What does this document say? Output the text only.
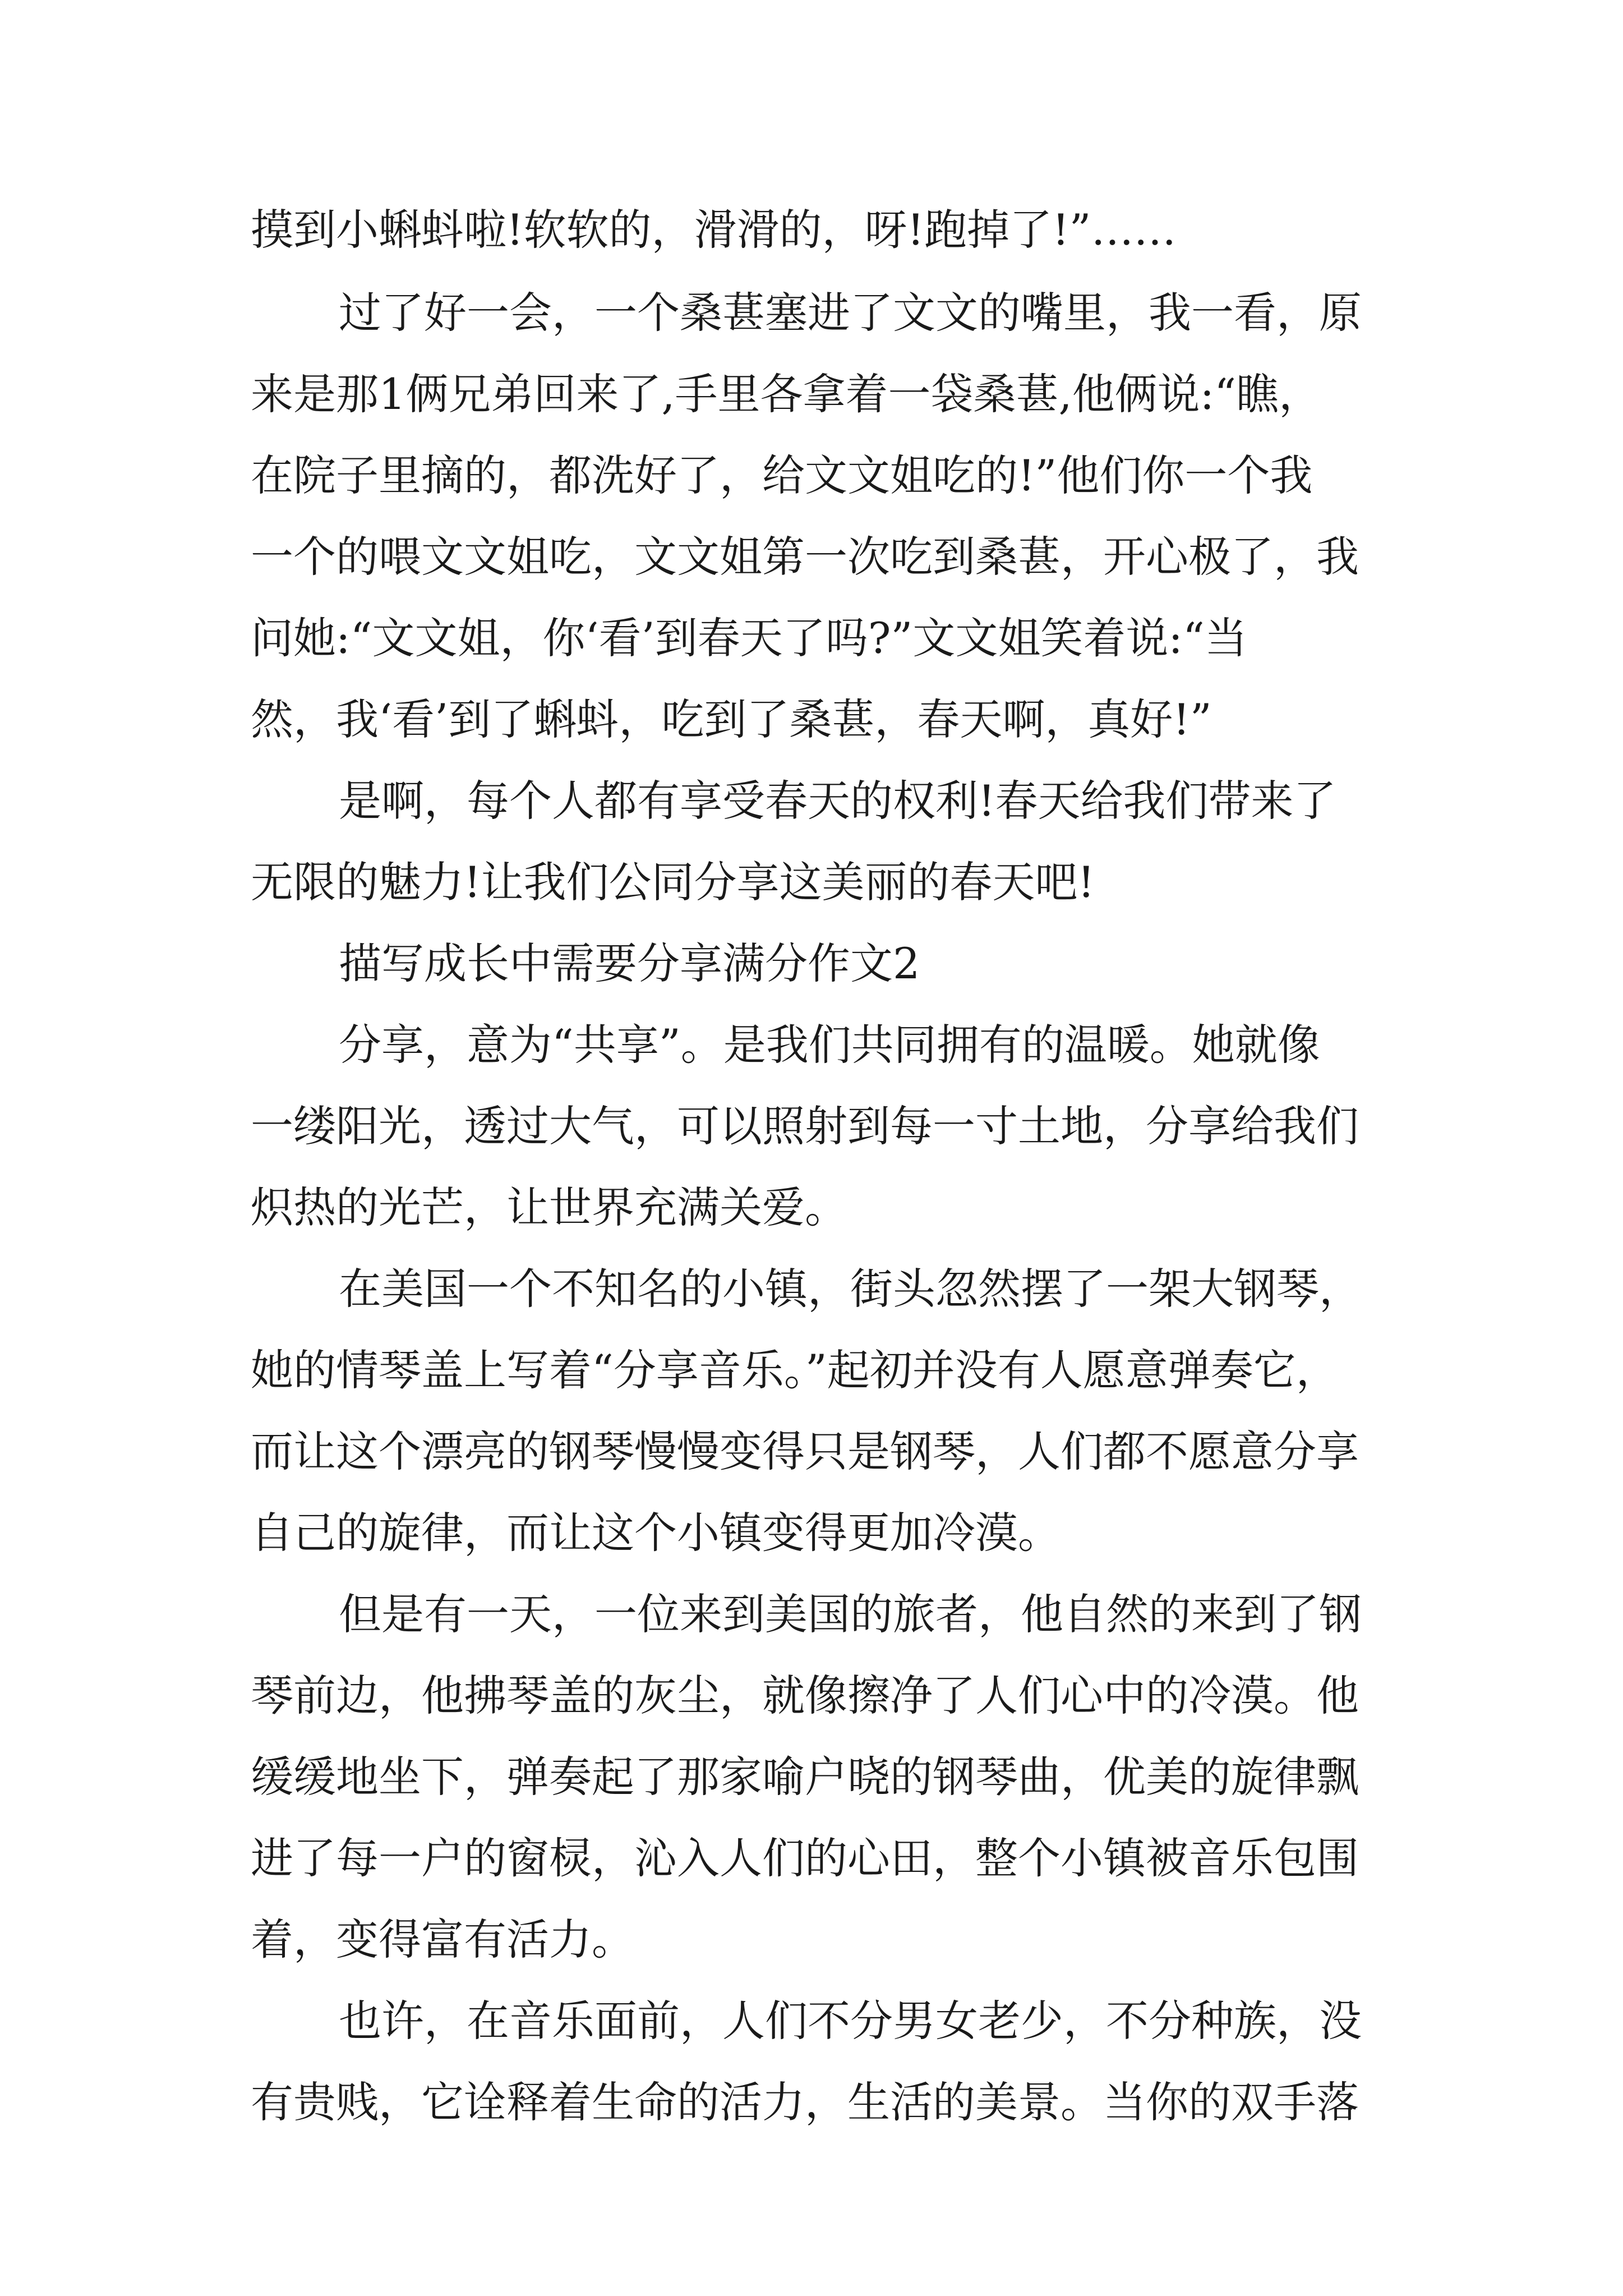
摸到小蝌蚪啦!软软的，滑滑的，呀!跑掉了!”……
过了好一会，一个桑葚塞进了文文的嘴里，我一看，原
来是那1俩兄弟回来了,手里各拿着一袋桑葚,他俩说:“瞧，
在院子里摘的，都洗好了，给文文姐吃的!”他们你一个我
一个的喂文文姐吃，文文姐第一次吃到桑葚，开心极了，我
问她:“文文姐，你‘看’到春天了吗?”文文姐笑着说:“当
然，我‘看’到了蝌蚪，吃到了桑葚，春天啊，真好!”
是啊，每个人都有享受春天的权利!春天给我们带来了
无限的魅力!让我们公同分享这美丽的春天吧!
描写成长中需要分享满分作文2
分享，意为“共享”。是我们共同拥有的温暖。她就像
一缕阳光，透过大气，可以照射到每一寸土地，分享给我们
炽热的光芒，让世界充满关爱。
在美国一个不知名的小镇，街头忽然摆了一架大钢琴，
她的情琴盖上写着“分享音乐。”起初并没有人愿意弹奏它，
而让这个漂亮的钢琴慢慢变得只是钢琴，人们都不愿意分享
自己的旋律，而让这个小镇变得更加冷漠。
但是有一天，一位来到美国的旅者，他自然的来到了钢
琴前边，他拂琴盖的灰尘，就像擦净了人们心中的冷漠。他
缓缓地坐下，弹奏起了那家喻户晓的钢琴曲，优美的旋律飘
进了每一户的窗棂，沁入人们的心田，整个小镇被音乐包围
着，变得富有活力。
也许，在音乐面前，人们不分男女老少，不分种族，没
有贵贱，它诠释着生命的活力，生活的美景。当你的双手落
